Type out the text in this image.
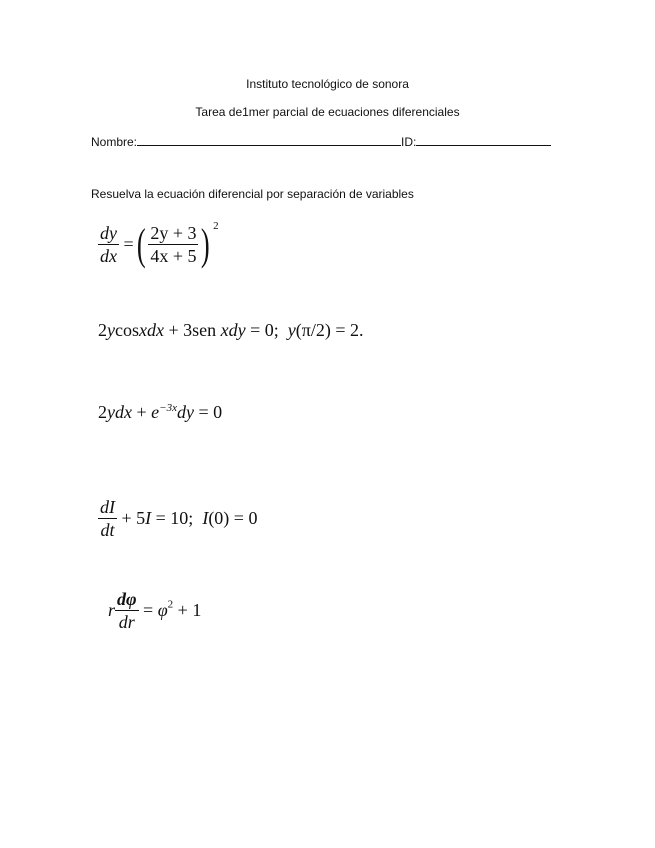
Instituto tecnológico de sonora
Tarea de1mer parcial de ecuaciones diferenciales
Nombre:	ID:
Resuelva la ecuación diferencial por separación de variables
$\frac{dy}{dx}$ =( $\frac{2y + 3}{4x + 5}$ ) $^2$
2ycosxdx + 3sen xdy = 0;  y(π/2) = 2.
$2ydx + e^{-3x}dy = 0$
$\frac{dI}{dt} + 5I = 10$;  I(0) = 0
r $\frac{d\varphi}{dr} = \varphi^2 + 1$
